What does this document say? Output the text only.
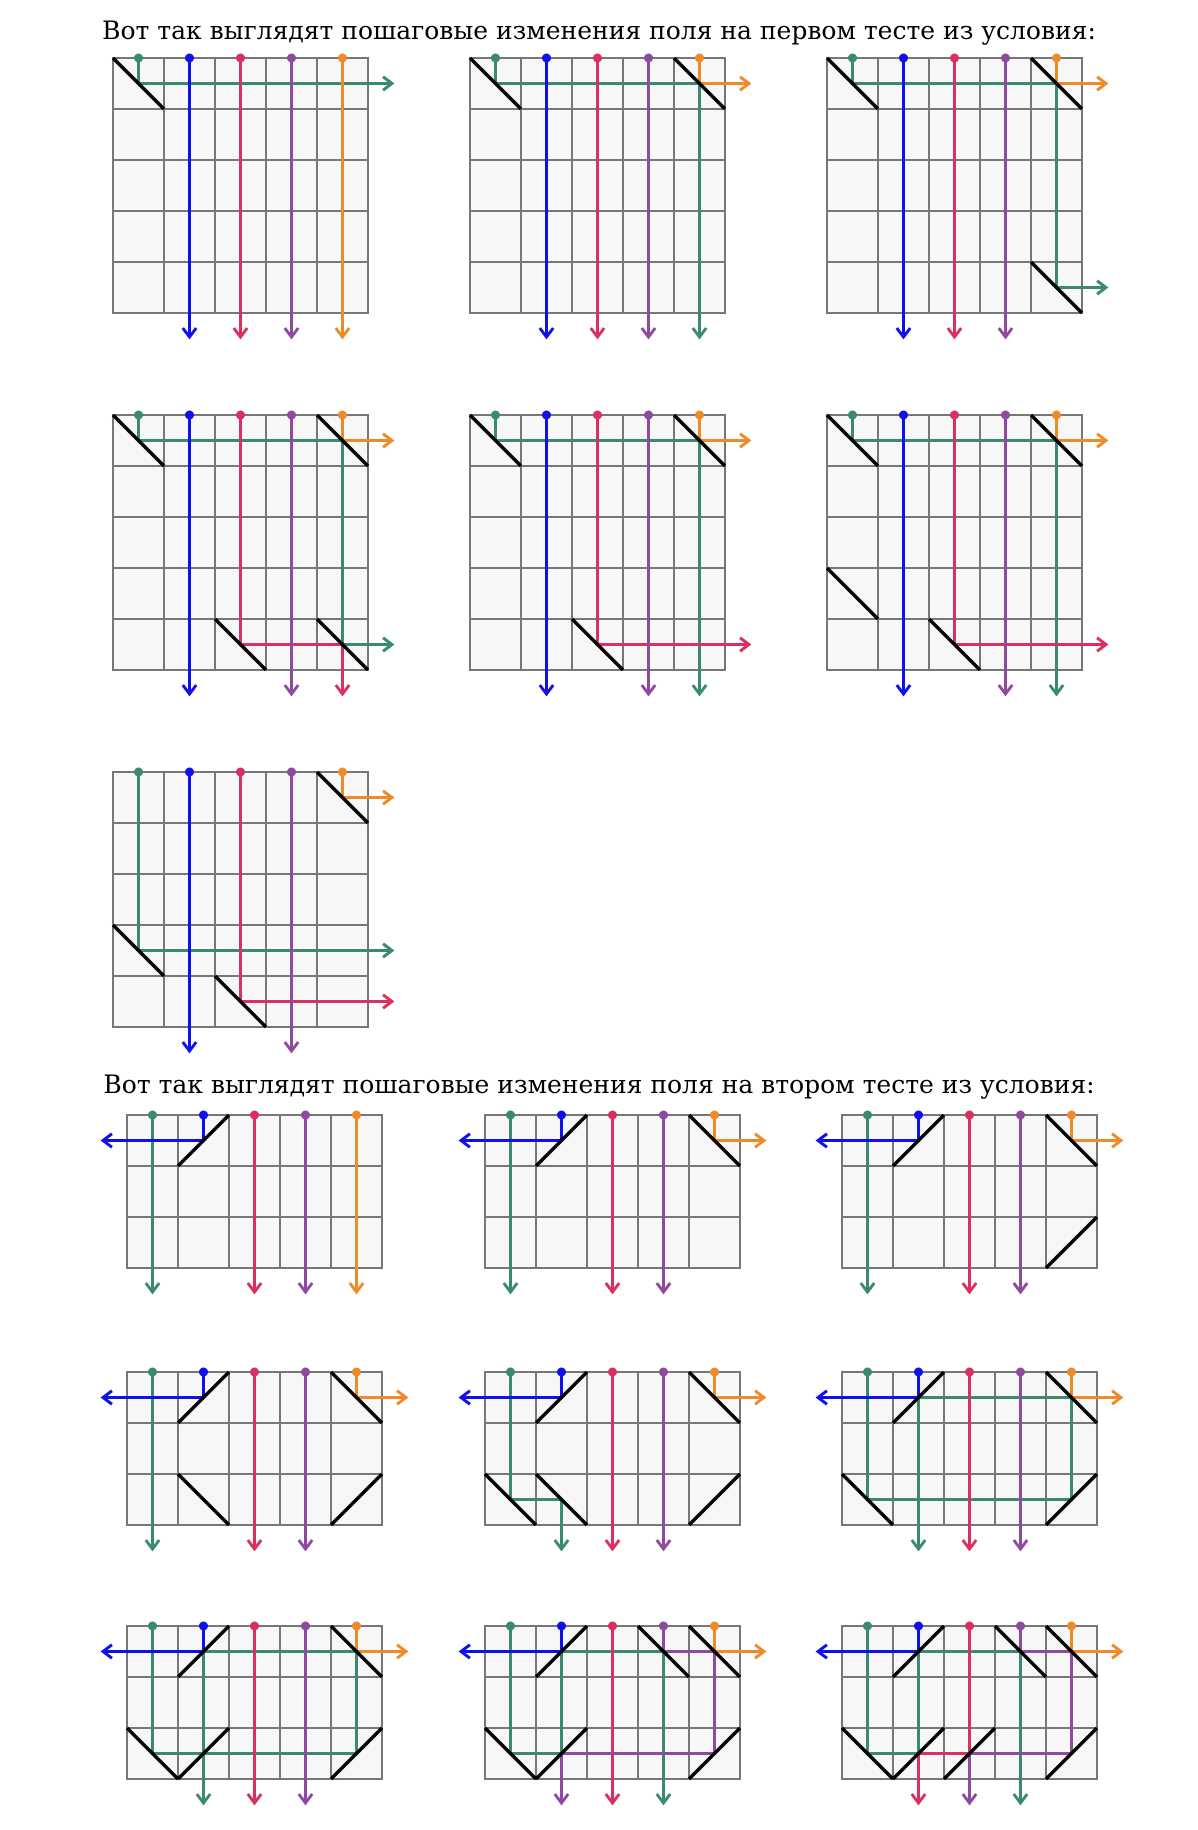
Вот так выглядят пошаговые изменения поля на первом тесте из условия:
Вот так выглядят пошаговые изменения поля на втором тесте из условия:
